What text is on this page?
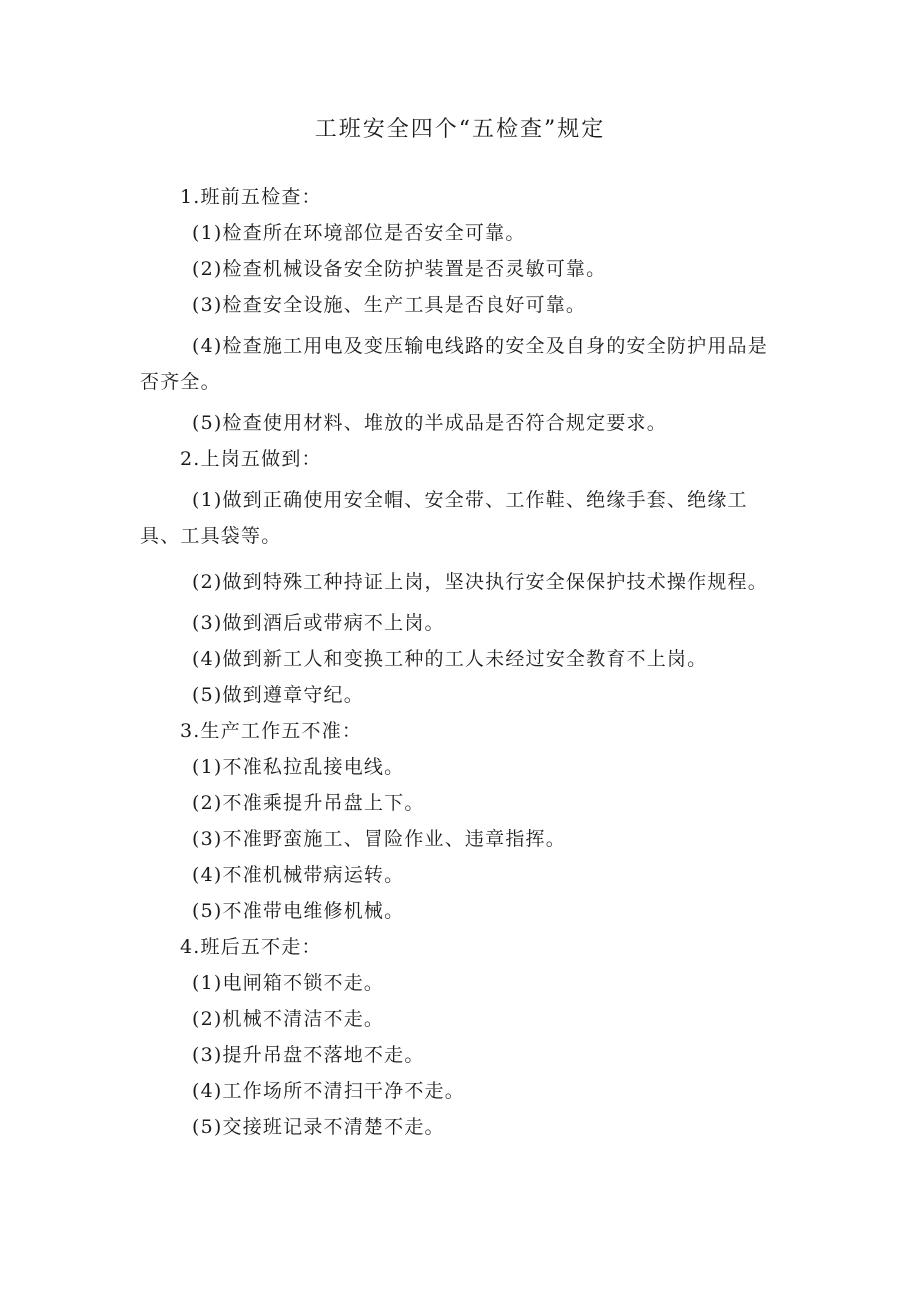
工班安全四个“五检查”规定

1.班前五检查：

(1)检查所在环境部位是否安全可靠。

(2)检查机械设备安全防护装置是否灵敏可靠。

(3)检查安全设施、生产工具是否良好可靠。

(4)检查施工用电及变压输电线路的安全及自身的安全防护用品是否齐全。

(5)检查使用材料、堆放的半成品是否符合规定要求。

2.上岗五做到：

(1)做到正确使用安全帽、安全带、工作鞋、绝缘手套、绝缘工具、工具袋等。

(2)做到特殊工种持证上岗，坚决执行安全保保护技术操作规程。

(3)做到酒后或带病不上岗。

(4)做到新工人和变换工种的工人未经过安全教育不上岗。

(5)做到遵章守纪。

3.生产工作五不准：

(1)不准私拉乱接电线。

(2)不准乘提升吊盘上下。

(3)不准野蛮施工、冒险作业、违章指挥。

(4)不准机械带病运转。

(5)不准带电维修机械。

4.班后五不走：

(1)电闸箱不锁不走。

(2)机械不清洁不走。

(3)提升吊盘不落地不走。

(4)工作场所不清扫干净不走。

(5)交接班记录不清楚不走。
